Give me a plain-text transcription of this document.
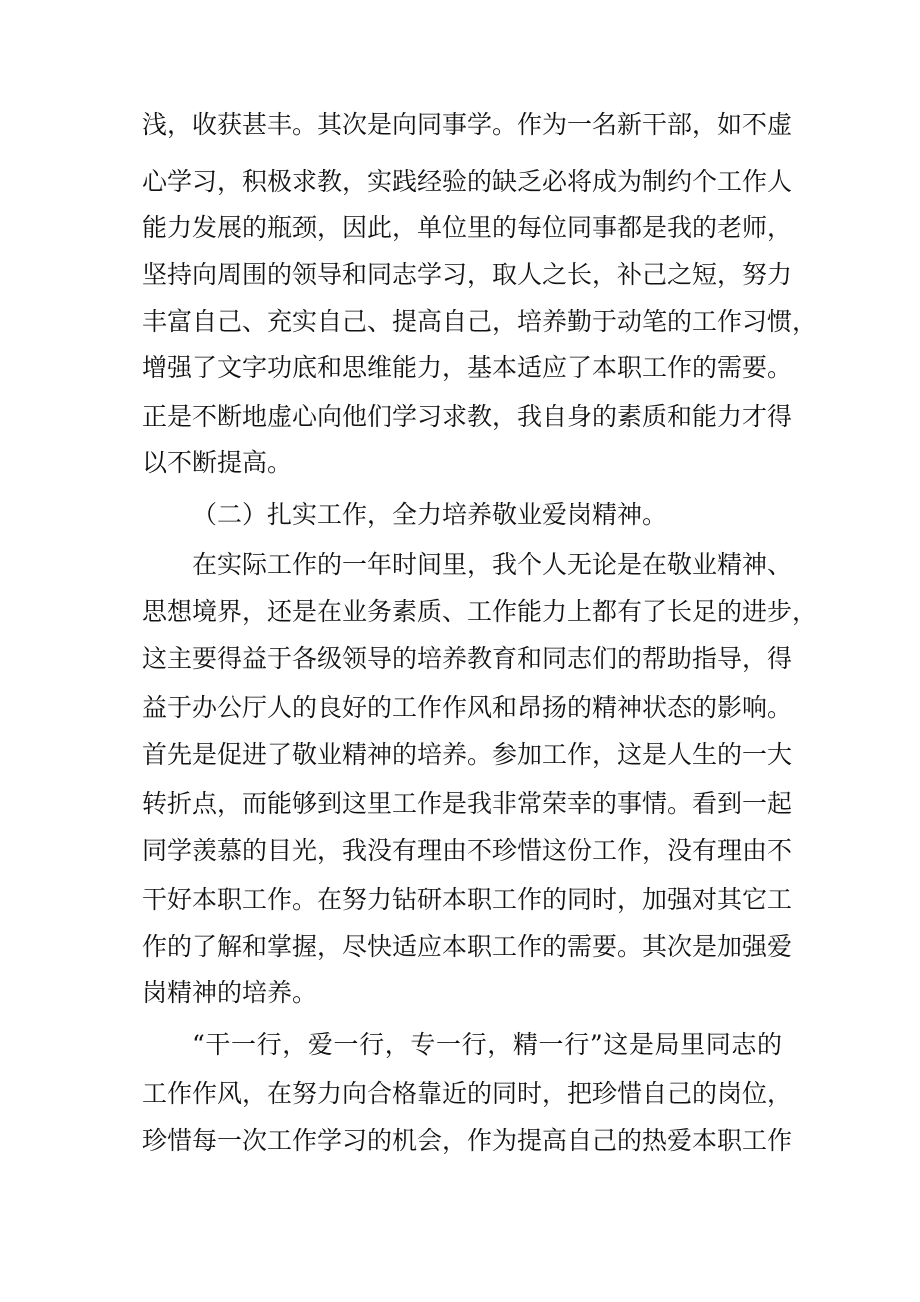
浅，收获甚丰。其次是向同事学。作为一名新干部，如不虚
心学习，积极求教，实践经验的缺乏必将成为制约个工作人
能力发展的瓶颈，因此，单位里的每位同事都是我的老师，
坚持向周围的领导和同志学习，取人之长，补己之短，努力
丰富自己、充实自己、提高自己，培养勤于动笔的工作习惯，
增强了文字功底和思维能力，基本适应了本职工作的需要。
正是不断地虚心向他们学习求教，我自身的素质和能力才得
以不断提高。
（二）扎实工作，全力培养敬业爱岗精神。
在实际工作的一年时间里，我个人无论是在敬业精神、
思想境界，还是在业务素质、工作能力上都有了长足的进步，
这主要得益于各级领导的培养教育和同志们的帮助指导，得
益于办公厅人的良好的工作作风和昂扬的精神状态的影响。
首先是促进了敬业精神的培养。参加工作，这是人生的一大
转折点，而能够到这里工作是我非常荣幸的事情。看到一起
同学羡慕的目光，我没有理由不珍惜这份工作，没有理由不
干好本职工作。在努力钻研本职工作的同时，加强对其它工
作的了解和掌握，尽快适应本职工作的需要。其次是加强爱
岗精神的培养。
“干一行，爱一行，专一行，精一行”这是局里同志的
工作作风，在努力向合格靠近的同时，把珍惜自己的岗位，
珍惜每一次工作学习的机会，作为提高自己的热爱本职工作
